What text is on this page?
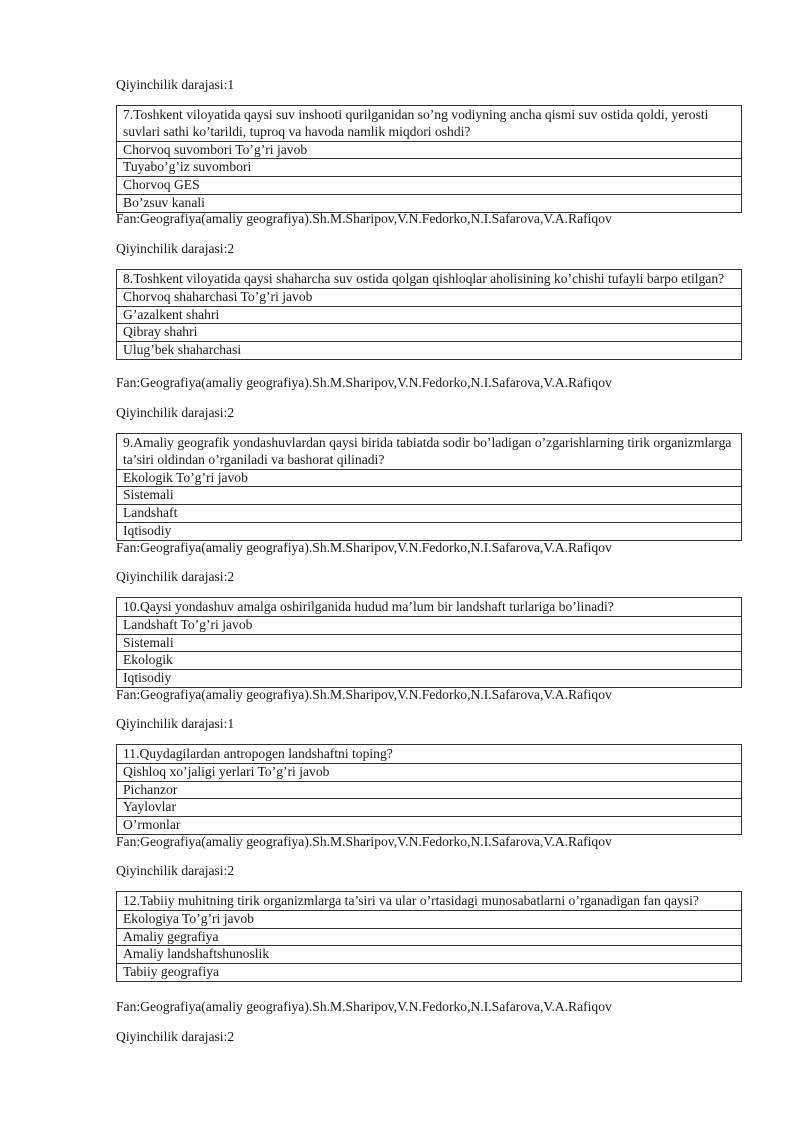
Qiyinchilik darajasi:1
7.Toshkent viloyatida qaysi suv inshooti qurilganidan so’ng vodiyning ancha qismi suv ostida qoldi, yerosti suvlari sathi ko’tarildi, tuproq va havoda namlik miqdori oshdi?
Chorvoq suvombori To’g’ri javob
Tuyabo’g’iz suvombori
Chorvoq GES
Bo’zsuv kanali
Fan:Geografiya(amaliy geografiya).Sh.M.Sharipov,V.N.Fedorko,N.I.Safarova,V.A.Rafiqov
Qiyinchilik darajasi:2
8.Toshkent viloyatida qaysi shaharcha suv ostida qolgan qishloqlar aholisining ko’chishi tufayli barpo etilgan?
Chorvoq shaharchasi To’g’ri javob
G’azalkent shahri
Qibray shahri
Ulug’bek shaharchasi
Fan:Geografiya(amaliy geografiya).Sh.M.Sharipov,V.N.Fedorko,N.I.Safarova,V.A.Rafiqov
Qiyinchilik darajasi:2
9.Amaliy geografik yondashuvlardan qaysi birida tabiatda sodir bo’ladigan o’zgarishlarning tirik organizmlarga ta’siri oldindan o’rganiladi va bashorat qilinadi?
Ekologik To’g’ri javob
Sistemali
Landshaft
Iqtisodiy
Fan:Geografiya(amaliy geografiya).Sh.M.Sharipov,V.N.Fedorko,N.I.Safarova,V.A.Rafiqov
Qiyinchilik darajasi:2
10.Qaysi yondashuv amalga oshirilganida hudud ma’lum bir landshaft turlariga bo’linadi?
Landshaft To’g’ri javob
Sistemali
Ekologik
Iqtisodiy
Fan:Geografiya(amaliy geografiya).Sh.M.Sharipov,V.N.Fedorko,N.I.Safarova,V.A.Rafiqov
Qiyinchilik darajasi:1
11.Quydagilardan antropogen landshaftni toping?
Qishloq xo’jaligi yerlari To’g’ri javob
Pichanzor
Yaylovlar
O’rmonlar
Fan:Geografiya(amaliy geografiya).Sh.M.Sharipov,V.N.Fedorko,N.I.Safarova,V.A.Rafiqov
Qiyinchilik darajasi:2
12.Tabiiy muhitning tirik organizmlarga ta’siri va ular o’rtasidagi munosabatlarni o’rganadigan fan qaysi?
Ekologiya To’g’ri javob
Amaliy gegrafiya
Amaliy landshaftshunoslik
Tabiiy geografiya
Fan:Geografiya(amaliy geografiya).Sh.M.Sharipov,V.N.Fedorko,N.I.Safarova,V.A.Rafiqov
Qiyinchilik darajasi:2
